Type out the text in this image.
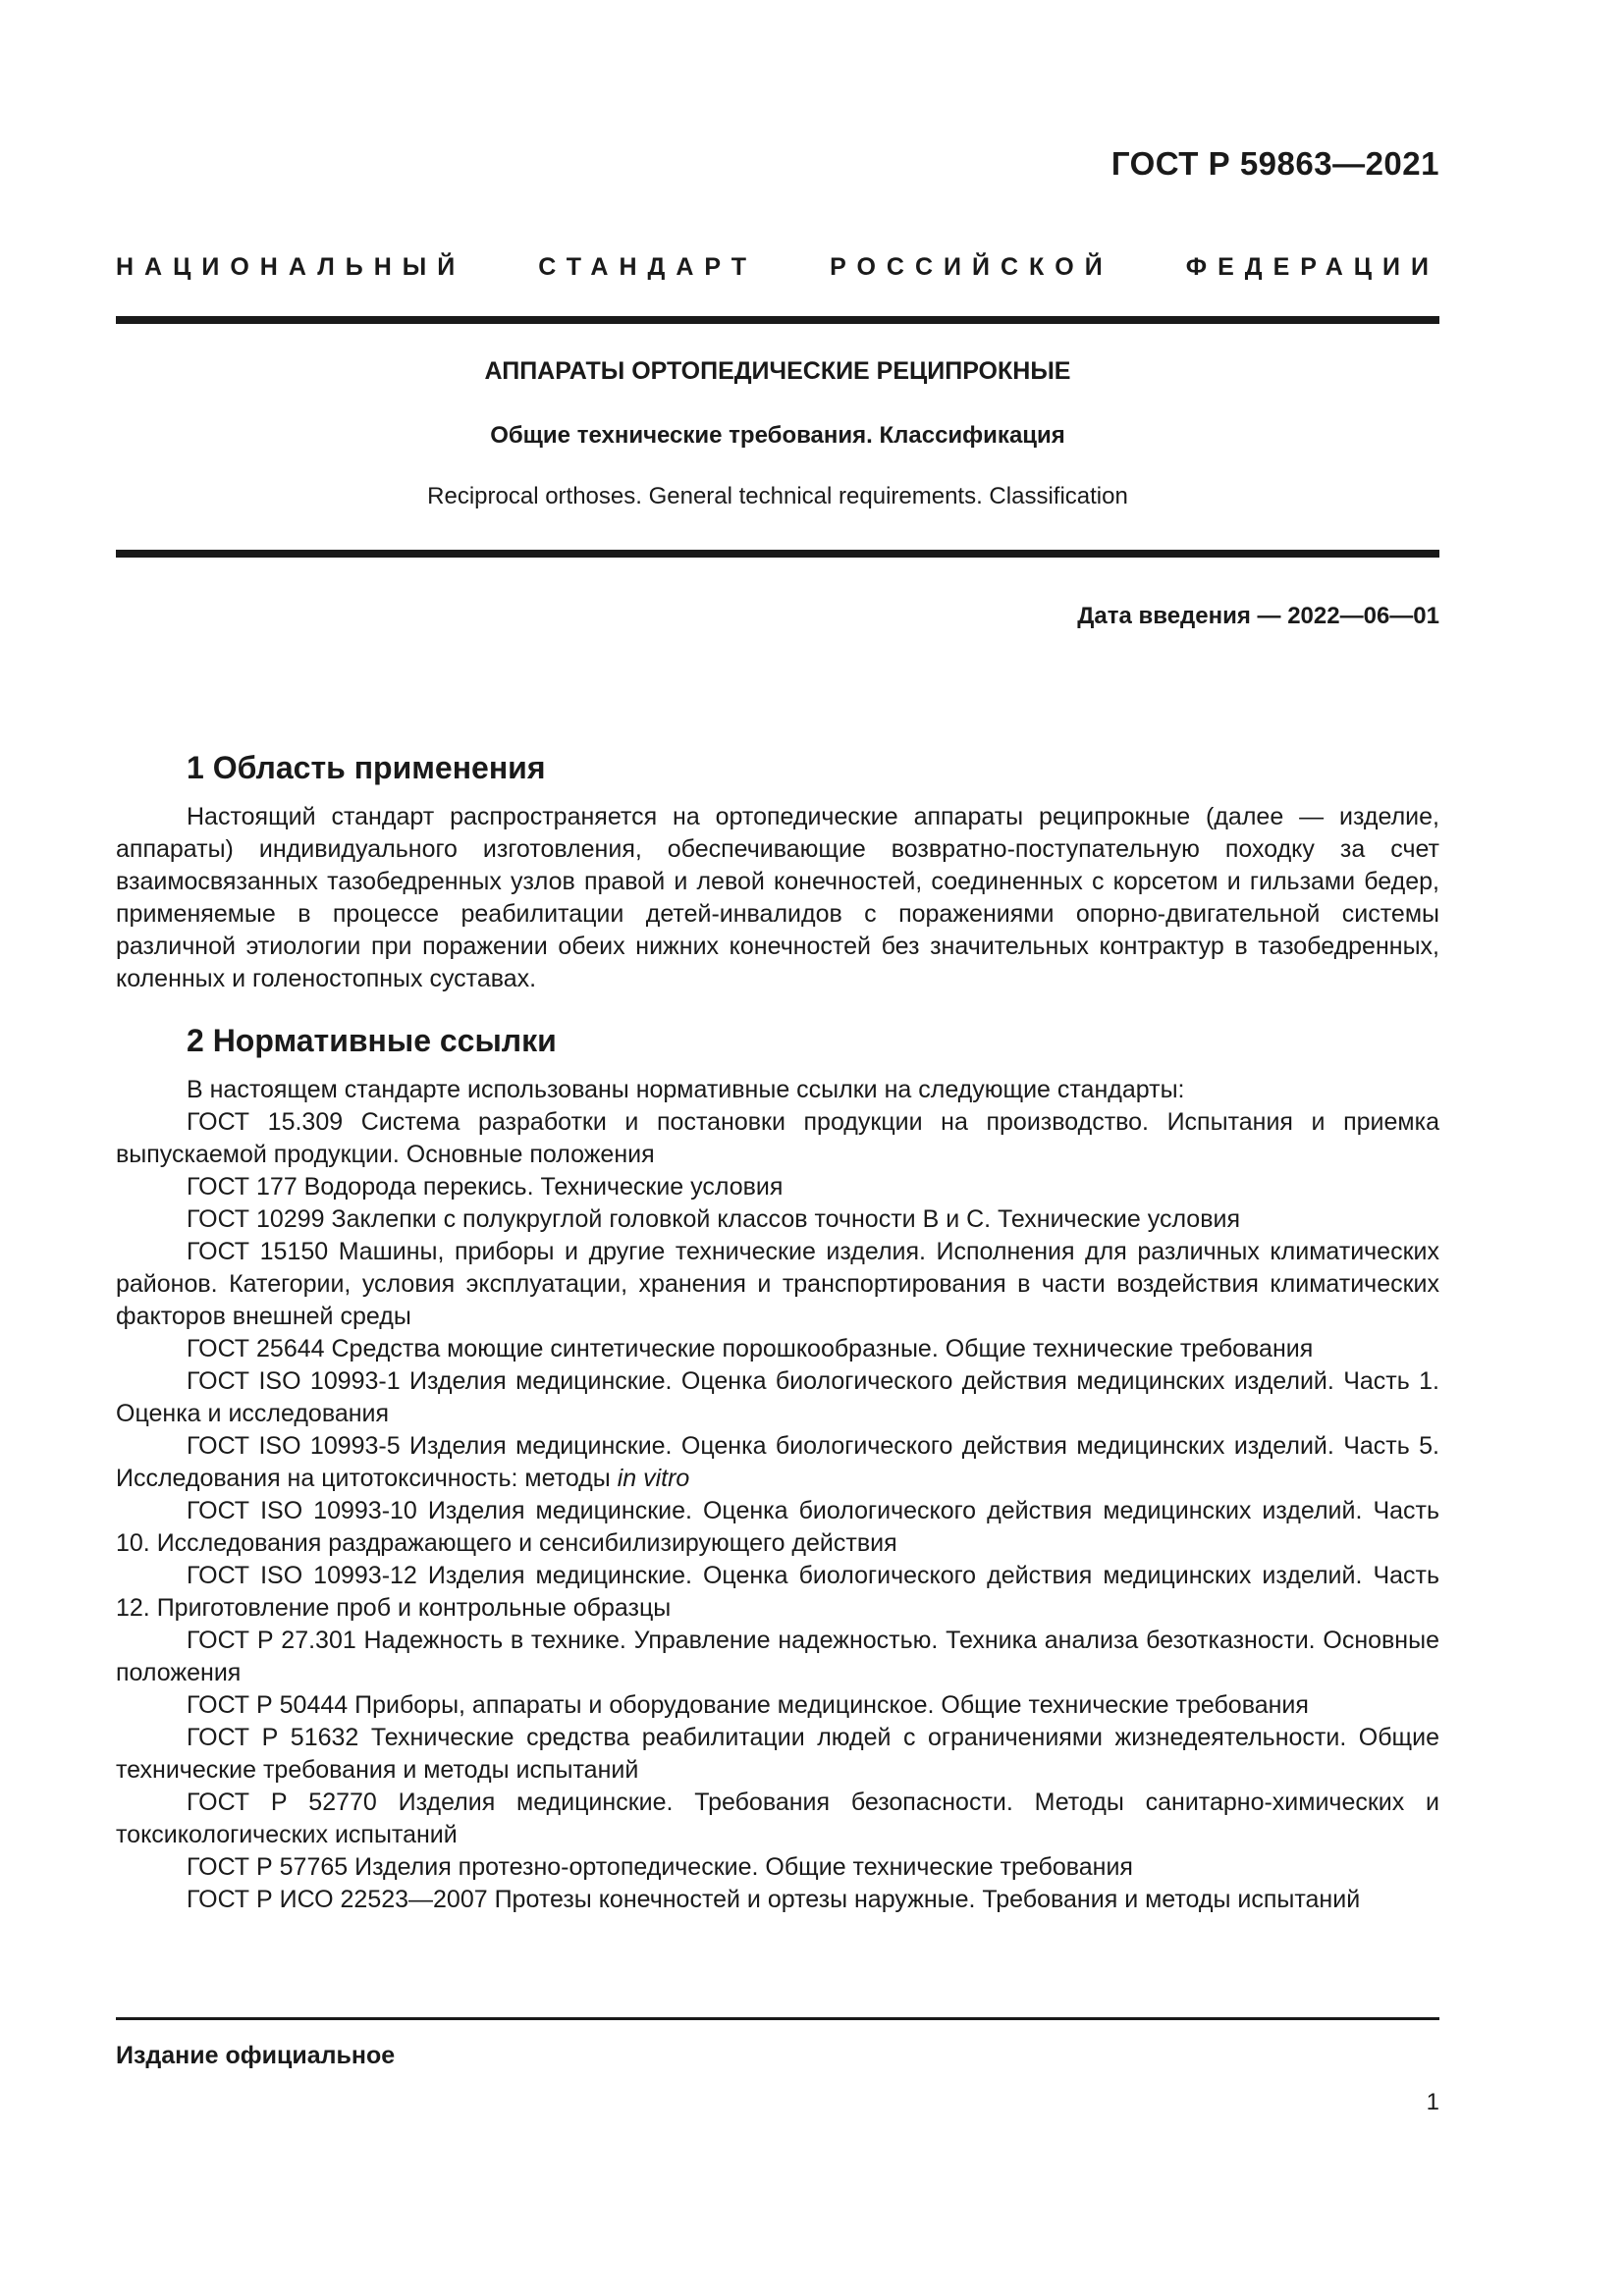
ГОСТ Р 59863—2021
НАЦИОНАЛЬНЫЙ СТАНДАРТ РОССИЙСКОЙ ФЕДЕРАЦИИ
АППАРАТЫ ОРТОПЕДИЧЕСКИЕ РЕЦИПРОКНЫЕ
Общие технические требования. Классификация
Reciprocal orthoses. General technical requirements. Classification
Дата введения — 2022—06—01
1 Область применения

Настоящий стандарт распространяется на ортопедические аппараты реципрокные (далее — изделие, аппараты) индивидуального изготовления, обеспечивающие возвратно-поступательную походку за счет взаимосвязанных тазобедренных узлов правой и левой конечностей, соединенных с корсетом и гильзами бедер, применяемые в процессе реабилитации детей-инвалидов с поражениями опорно-двигательной системы различной этиологии при поражении обеих нижних конечностей без значительных контрактур в тазобедренных, коленных и голеностопных суставах.

2 Нормативные ссылки

В настоящем стандарте использованы нормативные ссылки на следующие стандарты:

ГОСТ 15.309 Система разработки и постановки продукции на производство. Испытания и приемка выпускаемой продукции. Основные положения

ГОСТ 177 Водорода перекись. Технические условия

ГОСТ 10299 Заклепки с полукруглой головкой классов точности В и С. Технические условия

ГОСТ 15150 Машины, приборы и другие технические изделия. Исполнения для различных климатических районов. Категории, условия эксплуатации, хранения и транспортирования в части воздействия климатических факторов внешней среды

ГОСТ 25644 Средства моющие синтетические порошкообразные. Общие технические требования

ГОСТ ISO 10993-1 Изделия медицинские. Оценка биологического действия медицинских изделий. Часть 1. Оценка и исследования

ГОСТ ISO 10993-5 Изделия медицинские. Оценка биологического действия медицинских изделий. Часть 5. Исследования на цитотоксичность: методы in vitro

ГОСТ ISO 10993-10 Изделия медицинские. Оценка биологического действия медицинских изделий. Часть 10. Исследования раздражающего и сенсибилизирующего действия

ГОСТ ISO 10993-12 Изделия медицинские. Оценка биологического действия медицинских изделий. Часть 12. Приготовление проб и контрольные образцы

ГОСТ Р 27.301 Надежность в технике. Управление надежностью. Техника анализа безотказности. Основные положения

ГОСТ Р 50444 Приборы, аппараты и оборудование медицинское. Общие технические требования

ГОСТ Р 51632 Технические средства реабилитации людей с ограничениями жизнедеятельности. Общие технические требования и методы испытаний

ГОСТ Р 52770 Изделия медицинские. Требования безопасности. Методы санитарно-химических и токсикологических испытаний

ГОСТ Р 57765 Изделия протезно-ортопедические. Общие технические требования

ГОСТ Р ИСО 22523—2007 Протезы конечностей и ортезы наружные. Требования и методы испытаний

Издание официальное
1
